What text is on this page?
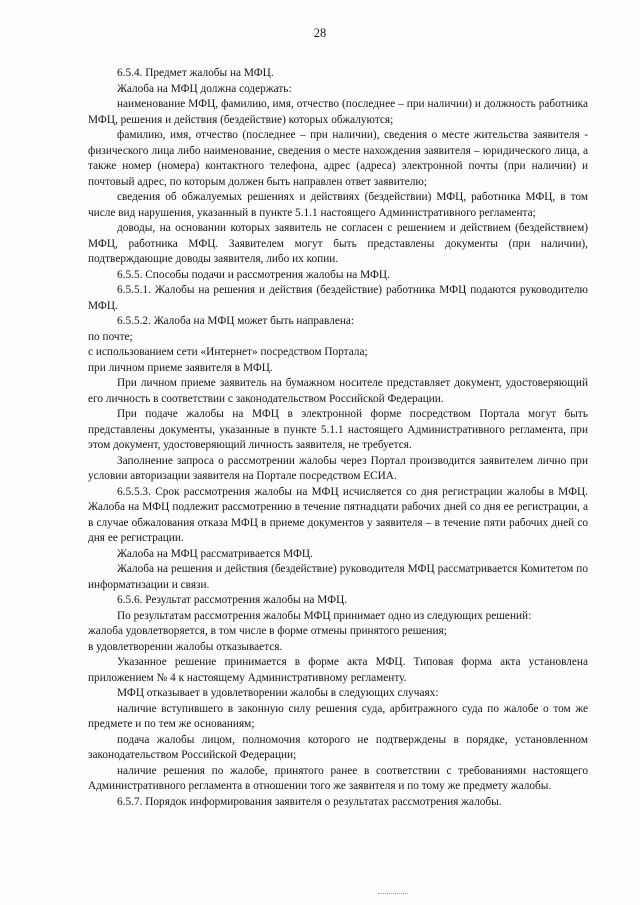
28

6.5.4. Предмет жалобы на МФЦ.

Жалоба на МФЦ должна содержать:

наименование МФЦ, фамилию, имя, отчество (последнее – при наличии) и должность работника МФЦ, решения и действия (бездействие) которых обжалуются;

фамилию, имя, отчество (последнее – при наличии), сведения о месте жительства заявителя - физического лица либо наименование, сведения о месте нахождения заявителя – юридического лица, а также номер (номера) контактного телефона, адрес (адреса) электронной почты (при наличии) и почтовый адрес, по которым должен быть направлен ответ заявителю;

сведения об обжалуемых решениях и действиях (бездействии) МФЦ, работника МФЦ, в том числе вид нарушения, указанный в пункте 5.1.1 настоящего Административного регламента;

доводы, на основании которых заявитель не согласен с решением и действием (бездействием) МФЦ, работника МФЦ. Заявителем могут быть представлены документы (при наличии), подтверждающие доводы заявителя, либо их копии.

6.5.5. Способы подачи и рассмотрения жалобы на МФЦ.

6.5.5.1. Жалобы на решения и действия (бездействие) работника МФЦ подаются руководителю МФЦ.

6.5.5.2. Жалоба на МФЦ может быть направлена:

по почте;

с использованием сети «Интернет» посредством Портала;

при личном приеме заявителя в МФЦ.

При личном приеме заявитель на бумажном носителе представляет документ, удостоверяющий его личность в соответствии с законодательством Российской Федерации.

При подаче жалобы на МФЦ в электронной форме посредством Портала могут быть представлены документы, указанные в пункте 5.1.1 настоящего Административного регламента, при этом документ, удостоверяющий личность заявителя, не требуется.

Заполнение запроса о рассмотрении жалобы через Портал производится заявителем лично при условии авторизации заявителя на Портале посредством ЕСИА.

6.5.5.3. Срок рассмотрения жалобы на МФЦ исчисляется со дня регистрации жалобы в МФЦ. Жалоба на МФЦ подлежит рассмотрению в течение пятнадцати рабочих дней со дня ее регистрации, а в случае обжалования отказа МФЦ в приеме документов у заявителя – в течение пяти рабочих дней со дня ее регистрации.

Жалоба на МФЦ рассматривается МФЦ.

Жалоба на решения и действия (бездействие) руководителя МФЦ рассматривается Комитетом по информатизации и связи.

6.5.6. Результат рассмотрения жалобы на МФЦ.

По результатам рассмотрения жалобы МФЦ принимает одно из следующих решений:

жалоба удовлетворяется, в том числе в форме отмены принятого решения;

в удовлетворении жалобы отказывается.

Указанное решение принимается в форме акта МФЦ. Типовая форма акта установлена приложением № 4 к настоящему Административному регламенту.

МФЦ отказывает в удовлетворении жалобы в следующих случаях:

наличие вступившего в законную силу решения суда, арбитражного суда по жалобе о том же предмете и по тем же основаниям;

подача жалобы лицом, полномочия которого не подтверждены в порядке, установленном законодательством Российской Федерации;

наличие решения по жалобе, принятого ранее в соответствии с требованиями настоящего Административного регламента в отношении того же заявителя и по тому же предмету жалобы.

6.5.7. Порядок информирования заявителя о результатах рассмотрения жалобы.
